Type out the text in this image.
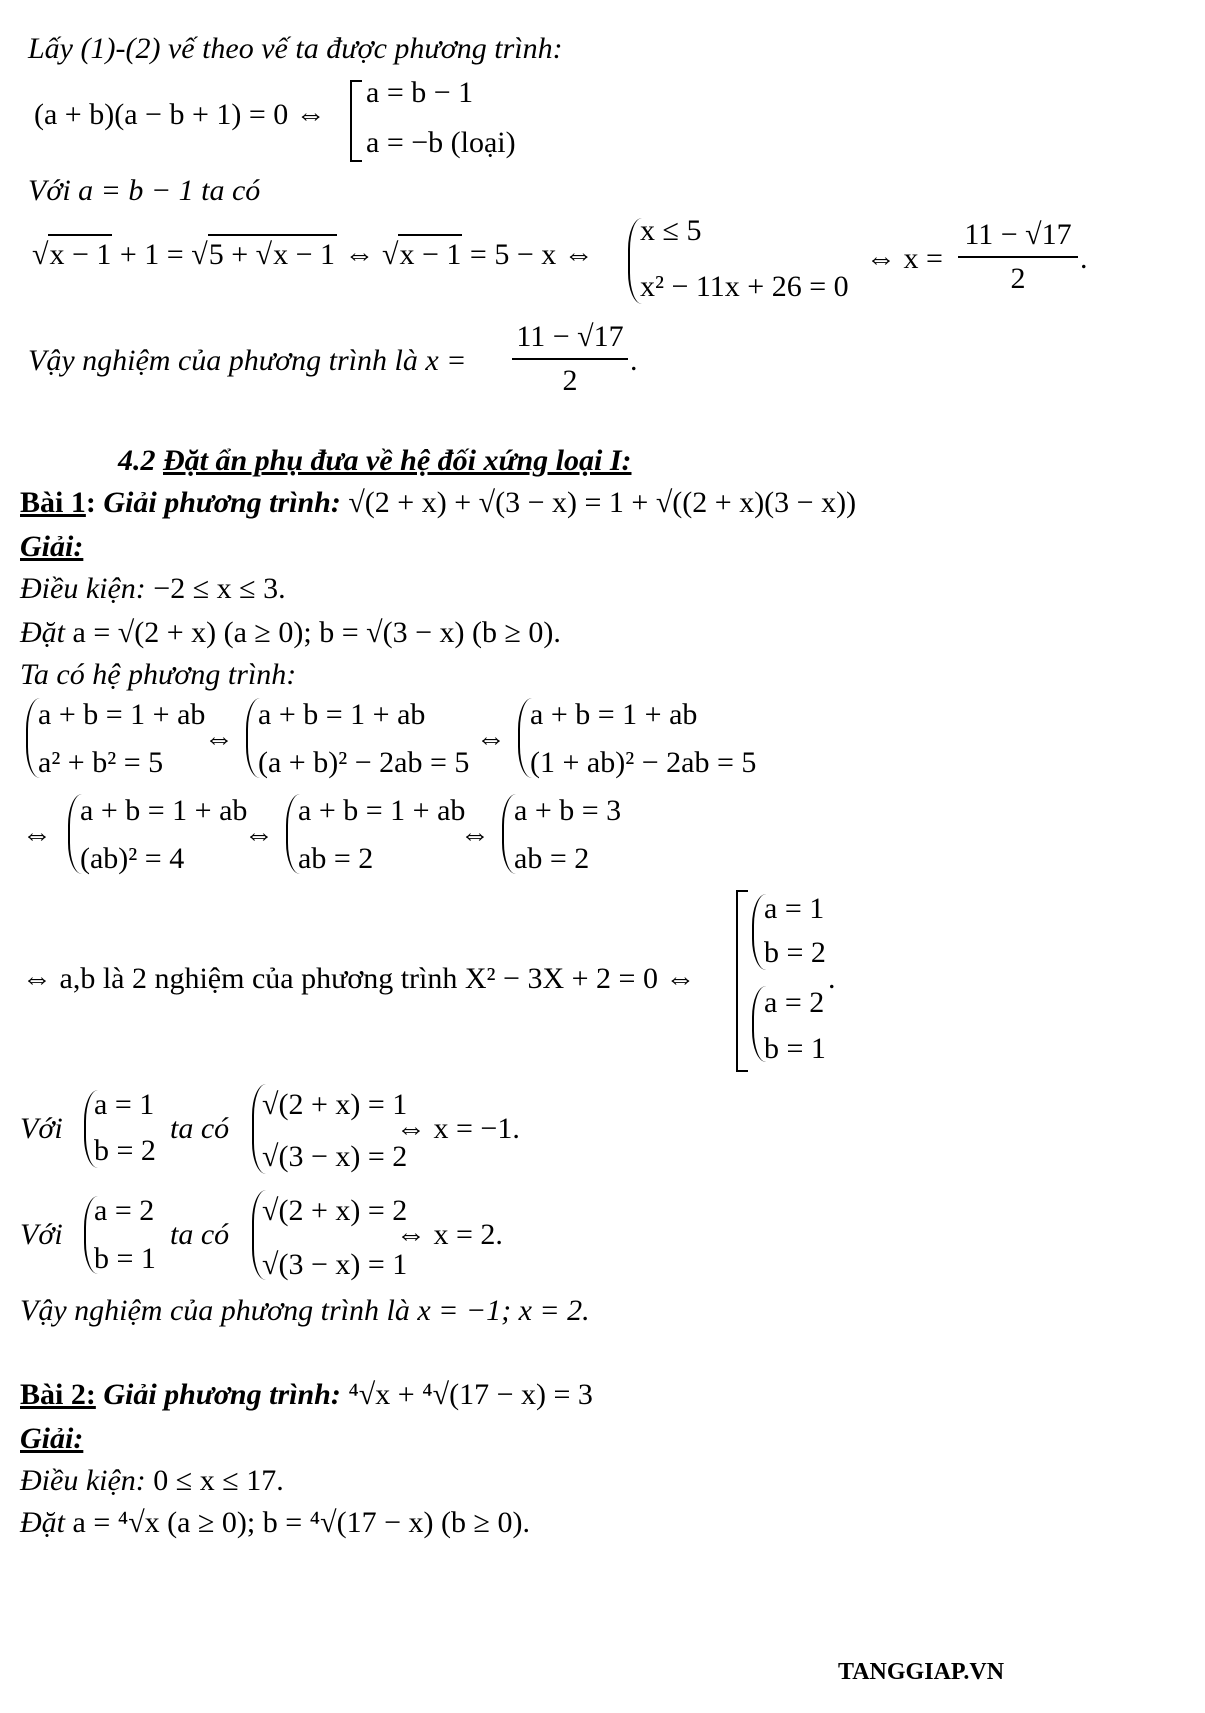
Lấy (1)-(2) vế theo vế ta được phương trình:
(a + b)(a − b + 1) = 0 ⇔
a = b − 1
a = −b (loại)
Với a = b − 1 ta có
√x − 1 + 1 = √5 + √x − 1 ⇔ √x − 1 = 5 − x ⇔
x ≤ 5
x² − 11x + 26 = 0
⇔ x =
11 − √17
2
.
Vậy nghiệm của phương trình là x =
11 − √17
2
.
4.2 Đặt ẩn phụ đưa về hệ đối xứng loại I:
Bài 1: Giải phương trình: √(2 + x) + √(3 − x) = 1 + √((2 + x)(3 − x))
Giải:
Điều kiện: −2 ≤ x ≤ 3.
Đặt a = √(2 + x) (a ≥ 0); b = √(3 − x) (b ≥ 0).
Ta có hệ phương trình:
a + b = 1 + ab
a² + b² = 5
⇔
a + b = 1 + ab
(a + b)² − 2ab = 5
⇔
a + b = 1 + ab
(1 + ab)² − 2ab = 5
⇔
a + b = 1 + ab
(ab)² = 4
⇔
a + b = 1 + ab
ab = 2
⇔
a + b = 3
ab = 2
⇔ a,b là 2 nghiệm của phương trình X² − 3X + 2 = 0 ⇔
a = 1
b = 2
.
a = 2
b = 1
Với
a = 1
b = 2
ta có
√(2 + x) = 1
√(3 − x) = 2
⇔ x = −1.
Với
a = 2
b = 1
ta có
√(2 + x) = 2
√(3 − x) = 1
⇔ x = 2.
Vậy nghiệm của phương trình là x = −1; x = 2.
Bài 2: Giải phương trình: ⁴√x + ⁴√(17 − x) = 3
Giải:
Điều kiện: 0 ≤ x ≤ 17.
Đặt a = ⁴√x (a ≥ 0); b = ⁴√(17 − x) (b ≥ 0).
TANGGIAP.VN
